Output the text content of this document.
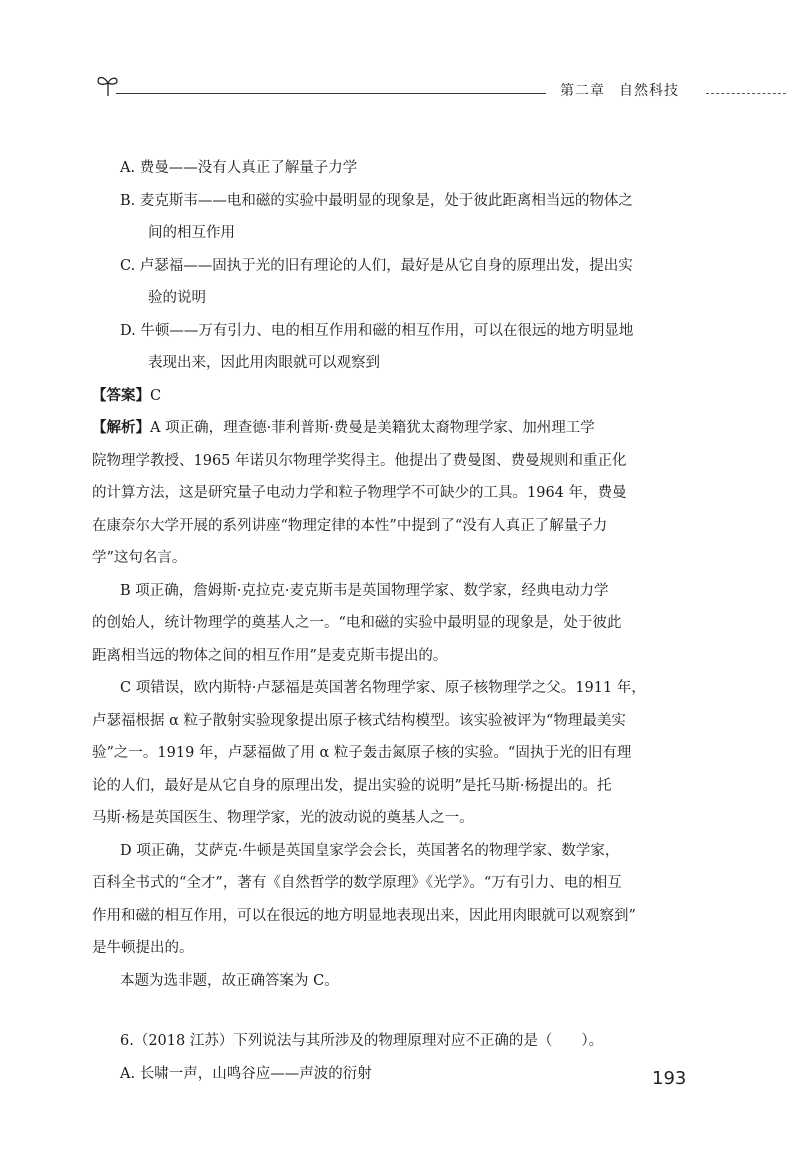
第二章 自然科技
A. 费曼——没有人真正了解量子力学
B. 麦克斯韦——电和磁的实验中最明显的现象是，处于彼此距离相当远的物体之
间的相互作用
C. 卢瑟福——固执于光的旧有理论的人们，最好是从它自身的原理出发，提出实
验的说明
D. 牛顿——万有引力、电的相互作用和磁的相互作用，可以在很远的地方明显地
表现出来，因此用肉眼就可以观察到
【答案】C
【解析】A 项正确，理查德·菲利普斯·费曼是美籍犹太裔物理学家、加州理工学
院物理学教授、1965 年诺贝尔物理学奖得主。他提出了费曼图、费曼规则和重正化
的计算方法，这是研究量子电动力学和粒子物理学不可缺少的工具。1964 年，费曼
在康奈尔大学开展的系列讲座“物理定律的本性”中提到了“没有人真正了解量子力
学”这句名言。
B 项正确，詹姆斯·克拉克·麦克斯韦是英国物理学家、数学家，经典电动力学
的创始人，统计物理学的奠基人之一。“电和磁的实验中最明显的现象是，处于彼此
距离相当远的物体之间的相互作用”是麦克斯韦提出的。
C 项错误，欧内斯特·卢瑟福是英国著名物理学家、原子核物理学之父。1911 年，
卢瑟福根据 α 粒子散射实验现象提出原子核式结构模型。该实验被评为“物理最美实
验”之一。1919 年，卢瑟福做了用 α 粒子轰击氮原子核的实验。“固执于光的旧有理
论的人们，最好是从它自身的原理出发，提出实验的说明”是托马斯·杨提出的。托
马斯·杨是英国医生、物理学家，光的波动说的奠基人之一。
D 项正确，艾萨克·牛顿是英国皇家学会会长，英国著名的物理学家、数学家，
百科全书式的“全才”，著有《自然哲学的数学原理》《光学》。“万有引力、电的相互
作用和磁的相互作用，可以在很远的地方明显地表现出来，因此用肉眼就可以观察到”
是牛顿提出的。
本题为选非题，故正确答案为 C。
6.（2018 江苏）下列说法与其所涉及的物理原理对应不正确的是（　　）。
A. 长啸一声，山鸣谷应——声波的衍射	193
